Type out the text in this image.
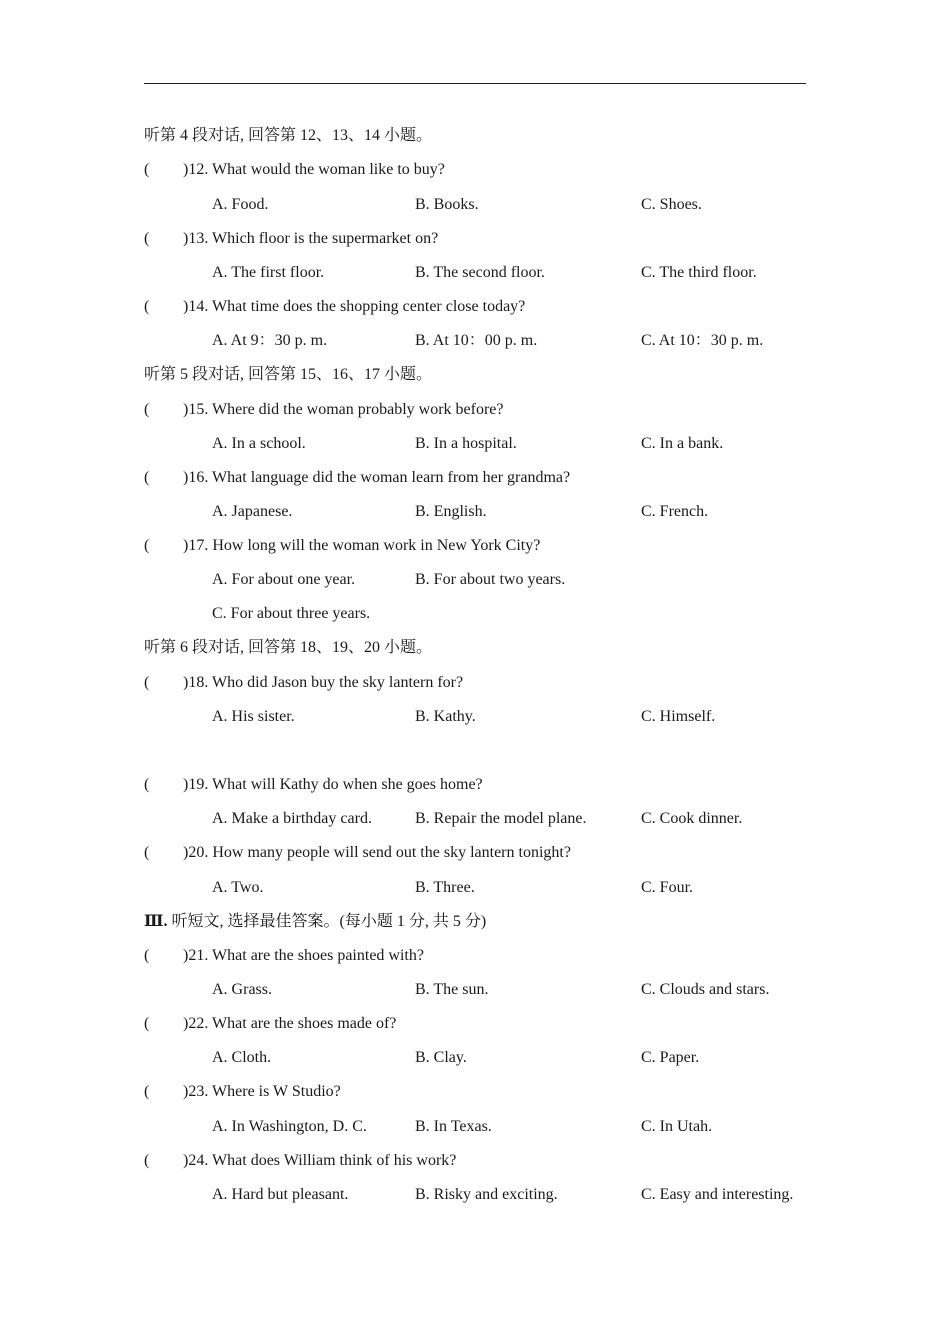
听第 4 段对话, 回答第 12、13、14 小题。
( )12. What would the woman like to buy?
A. Food.	B. Books.	C. Shoes.
( )13. Which floor is the supermarket on?
A. The first floor.	B. The second floor.	C. The third floor.
( )14. What time does the shopping center close today?
A. At 9：30 p. m.	B. At 10：00 p. m.	C. At 10：30 p. m.
听第 5 段对话, 回答第 15、16、17 小题。
( )15. Where did the woman probably work before?
A. In a school.	B. In a hospital.	C. In a bank.
( )16. What language did the woman learn from her grandma?
A. Japanese.	B. English.	C. French.
( )17. How long will the woman work in New York City?
A. For about one year.	B. For about two years.
C. For about three years.
听第 6 段对话, 回答第 18、19、20 小题。
( )18. Who did Jason buy the sky lantern for?
A. His sister.	B. Kathy.	C. Himself.
( )19. What will Kathy do when she goes home?
A. Make a birthday card.	B. Repair the model plane.	C. Cook dinner.
( )20. How many people will send out the sky lantern tonight?
A. Two.	B. Three.	C. Four.
Ⅲ. 听短文, 选择最佳答案。(每小题 1 分, 共 5 分)
( )21. What are the shoes painted with?
A. Grass.	B. The sun.	C. Clouds and stars.
( )22. What are the shoes made of?
A. Cloth.	B. Clay.	C. Paper.
( )23. Where is W Studio?
A. In Washington, D. C.	B. In Texas.	C. In Utah.
( )24. What does William think of his work?
A. Hard but pleasant.	B. Risky and exciting.	C. Easy and interesting.
